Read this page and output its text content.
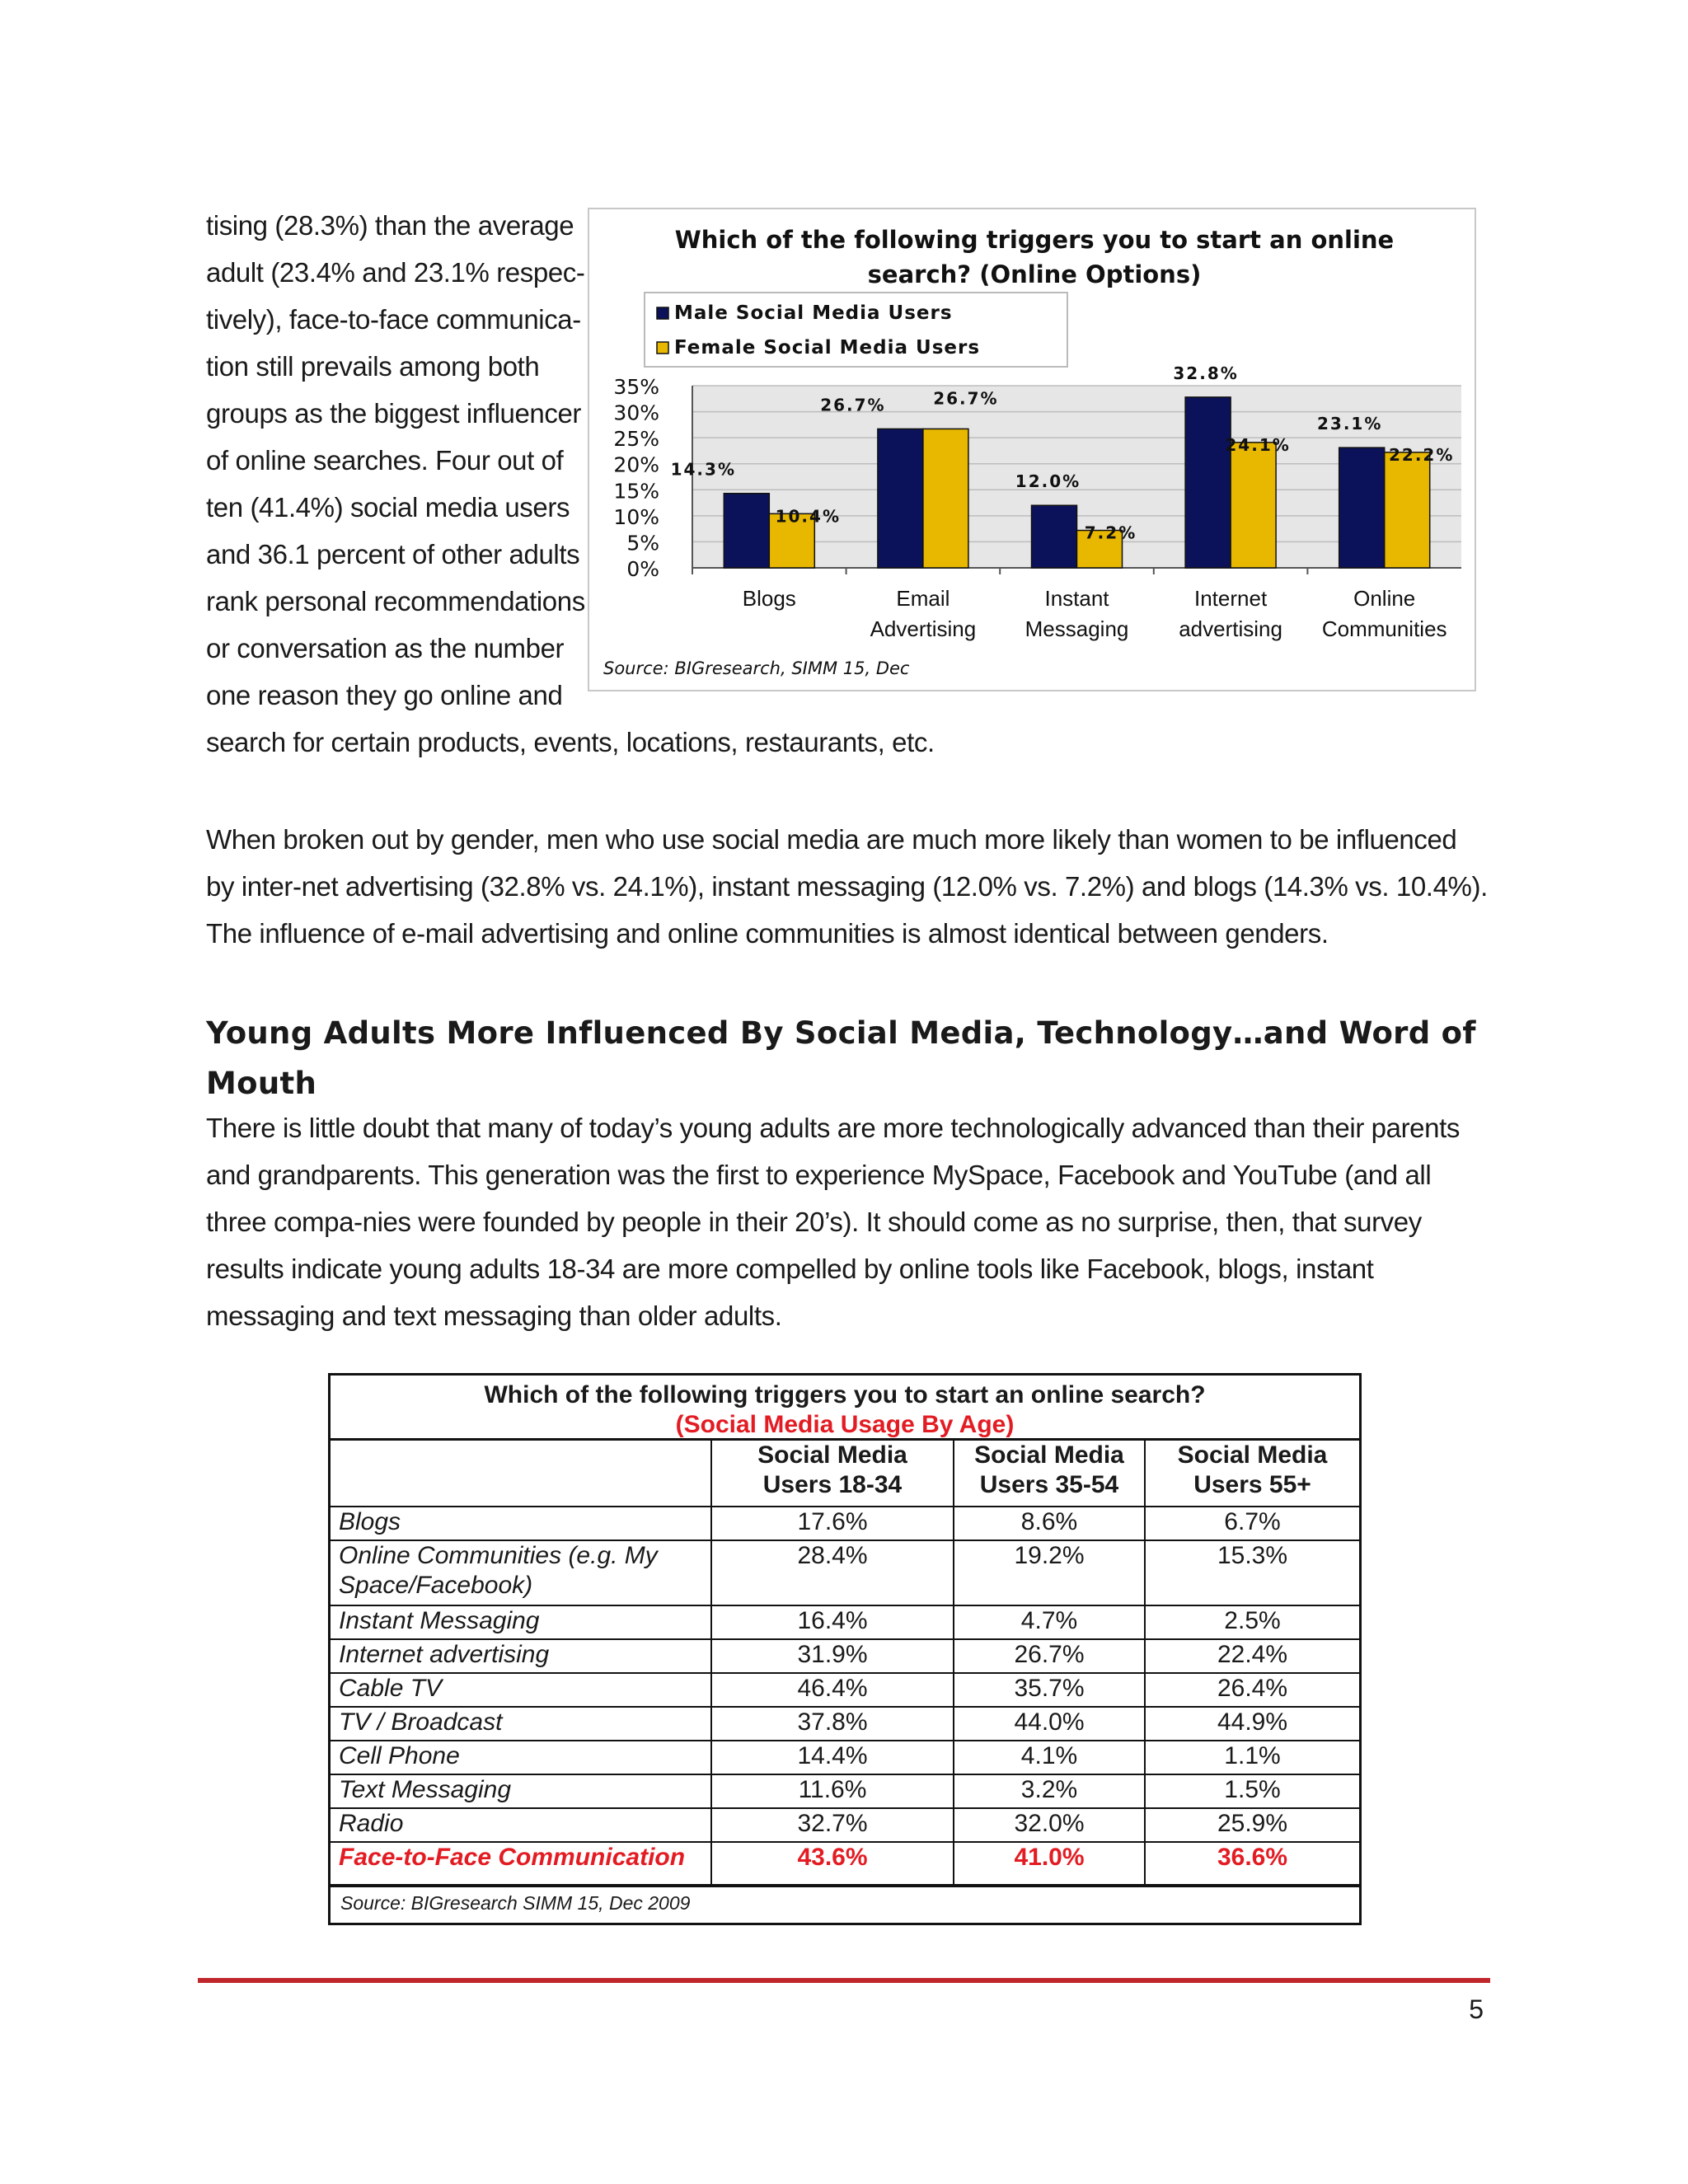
tising (28.3%) than the average

adult (23.4% and 23.1% respec-

tively), face-to-face communica-

tion still prevails among both

groups as the biggest influencer

of online searches. Four out of

ten (41.4%) social media users

and 36.1 percent of other adults

rank personal recommendations

or conversation as the number

one reason they go online and

search for certain products, events, locations, restaurants, etc.

Which of the following triggers you to start an online
search? (Online Options)
35%
30%
25%
20%
15%
10%
5%
0%
14.3%
10.4%
Blogs
26.7%	26.7%
Email
Advertising
12.0%
7.2%
Instant
Messaging
32.8%
24.1%
Internet
advertising
23.1%
22.2%
Online
Communities
Male Social Media Users
Female Social Media Users
Source: BIGresearch, SIMM 15, Dec

When broken out by gender, men who use social media are much more likely than women to be influenced by inter-net advertising (32.8% vs. 24.1%), instant messaging (12.0% vs. 7.2%) and blogs (14.3% vs. 10.4%). The influence of e-mail advertising and online communities is almost identical between genders.

Young Adults More Influenced By Social Media, Technology…and Word of Mouth

There is little doubt that many of today’s young adults are more technologically advanced than their parents and grandparents. This generation was the first to experience MySpace, Facebook and YouTube (and all three compa-nies were founded by people in their 20’s). It should come as no surprise, then, that survey results indicate young adults 18-34 are more compelled by online tools like Facebook, blogs, instant messaging and text messaging than older adults.

Which of the following triggers you to start an online search?
(Social Media Usage By Age)
	Social Media Users 18-34	Social Media Users 35-54	Social Media Users 55+
Blogs	17.6%	8.6%	6.7%
Online Communities (e.g. My Space/Facebook)	28.4%	19.2%	15.3%
Instant Messaging	16.4%	4.7%	2.5%
Internet advertising	31.9%	26.7%	22.4%
Cable TV	46.4%	35.7%	26.4%
TV / Broadcast	37.8%	44.0%	44.9%
Cell Phone	14.4%	4.1%	1.1%
Text Messaging	11.6%	3.2%	1.5%
Radio	32.7%	32.0%	25.9%
Face-to-Face Communication	43.6%	41.0%	36.6%
Source: BIGresearch SIMM 15, Dec 2009
5
